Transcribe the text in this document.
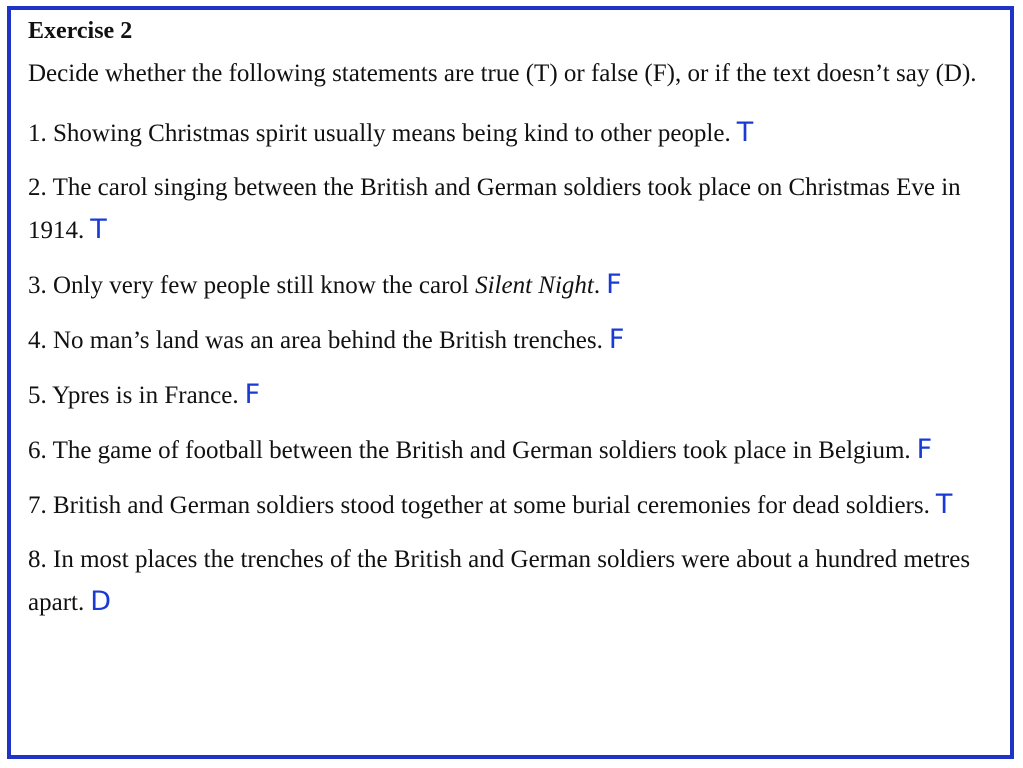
Exercise 2
Decide whether the following statements are true (T) or false (F), or if the text doesn’t say (D).
1. Showing Christmas spirit usually means being kind to other people. T
2. The carol singing between the British and German soldiers took place on Christmas Eve in 1914. T
3. Only very few people still know the carol Silent Night. F
4. No man’s land was an area behind the British trenches. F
5. Ypres is in France. F
6. The game of football between the British and German soldiers took place in Belgium. F
7. British and German soldiers stood together at some burial ceremonies for dead soldiers. T
8. In most places the trenches of the British and German soldiers were about a hundred metres apart. D
